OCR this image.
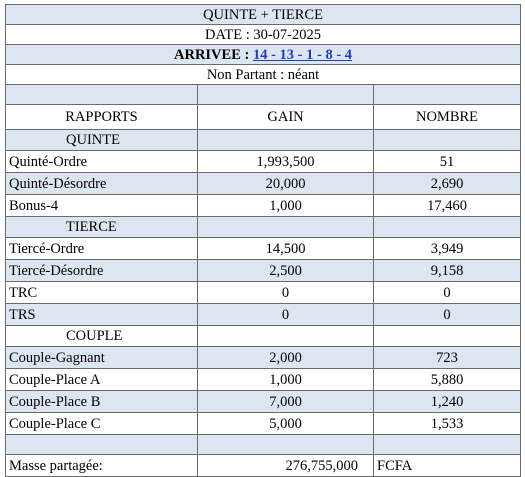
QUINTE + TIERCE		
DATE : 30-07-2025		
ARRIVEE : 14 - 13 - 1 - 8 - 4		
Non Partant : néant		

RAPPORTS	GAIN	NOMBRE
QUINTE		
Quinté-Ordre	1,993,500	51
Quinté-Désordre	20,000	2,690
Bonus-4	1,000	17,460
TIERCE		
Tiercé-Ordre	14,500	3,949
Tiercé-Désordre	2,500	9,158
TRC	0	0
TRS	0	0
COUPLE		
Couple-Gagnant	2,000	723
Couple-Place A	1,000	5,880
Couple-Place B	7,000	1,240
Couple-Place C	5,000	1,533

Masse partagée:	276,755,000	FCFA
